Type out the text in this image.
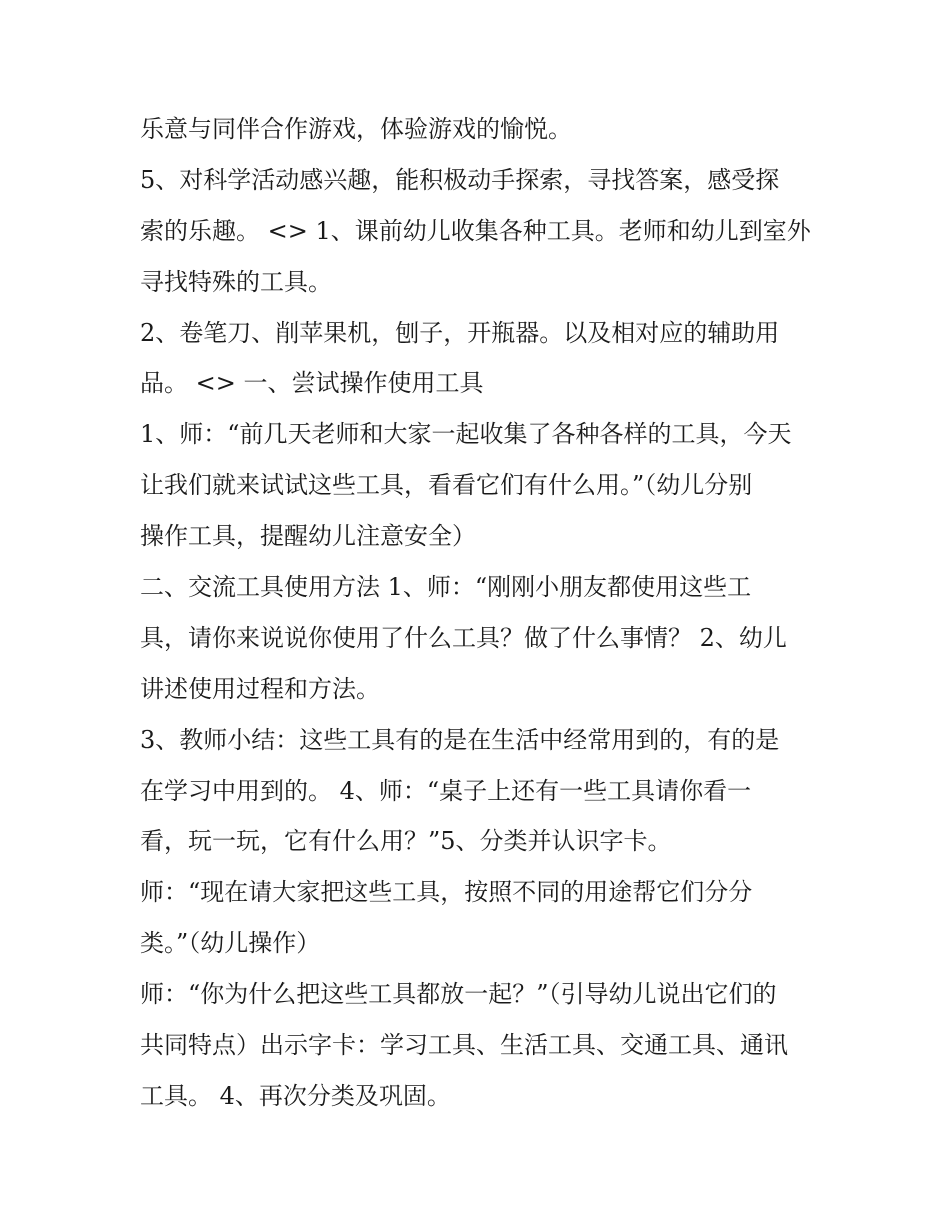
乐意与同伴合作游戏，体验游戏的愉悦。
5、对科学活动感兴趣，能积极动手探索，寻找答案，感受探
索的乐趣。 <> 1、课前幼儿收集各种工具。老师和幼儿到室外
寻找特殊的工具。
2、卷笔刀、削苹果机，刨子，开瓶器。以及相对应的辅助用
品。 <> 一、尝试操作使用工具
1、师：“前几天老师和大家一起收集了各种各样的工具，今天
让我们就来试试这些工具，看看它们有什么用。”（幼儿分别
操作工具，提醒幼儿注意安全）
二、交流工具使用方法 1、师：“刚刚小朋友都使用这些工
具，请你来说说你使用了什么工具？做了什么事情？ 2、幼儿
讲述使用过程和方法。
3、教师小结：这些工具有的是在生活中经常用到的，有的是
在学习中用到的。 4、师：“桌子上还有一些工具请你看一
看，玩一玩，它有什么用？”5、分类并认识字卡。
师：“现在请大家把这些工具，按照不同的用途帮它们分分
类。”（幼儿操作）
师：“你为什么把这些工具都放一起？”（引导幼儿说出它们的
共同特点）出示字卡：学习工具、生活工具、交通工具、通讯
工具。 4、再次分类及巩固。
